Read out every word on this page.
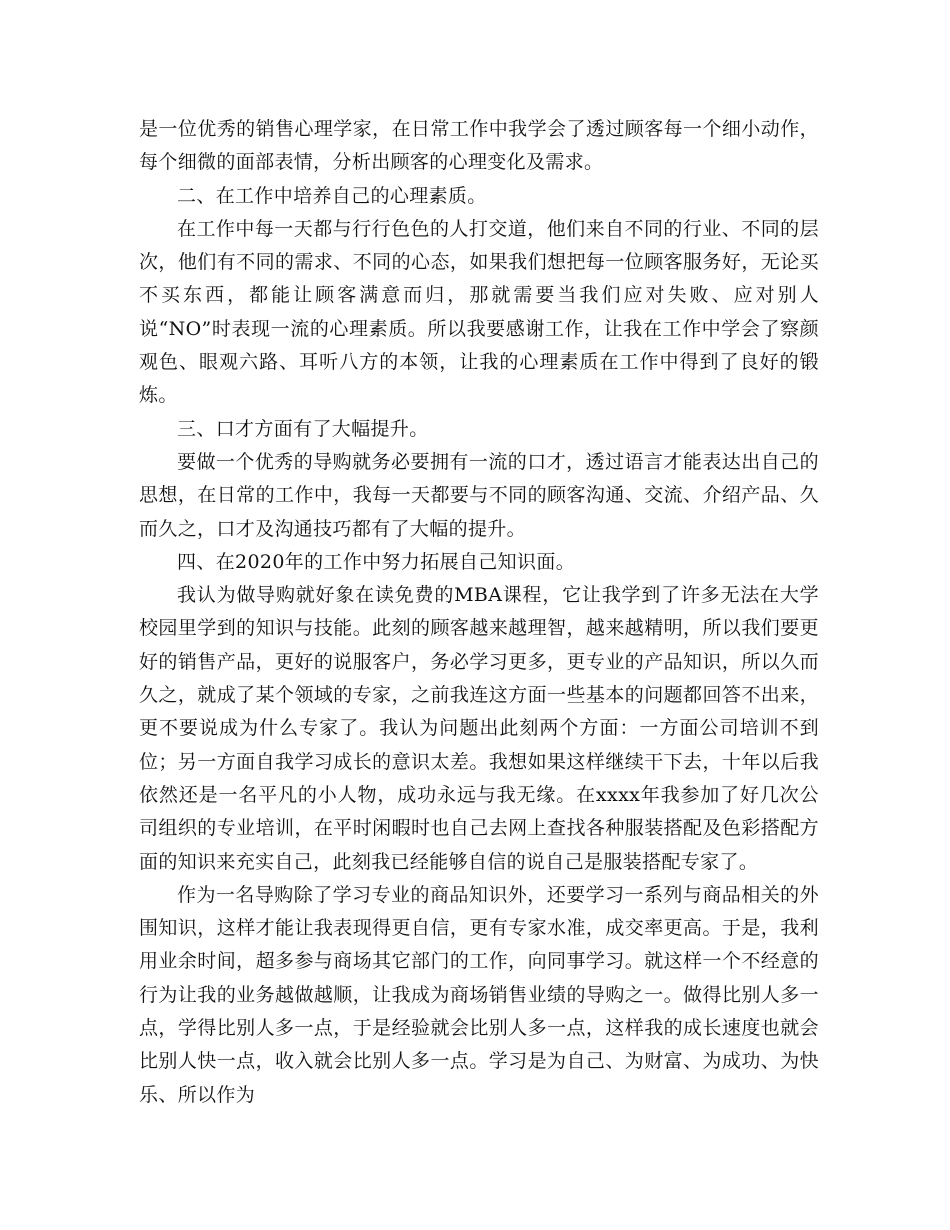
是一位优秀的销售心理学家，在日常工作中我学会了透过顾客每一个细小动作，每个细微的面部表情，分析出顾客的心理变化及需求。

二、在工作中培养自己的心理素质。

在工作中每一天都与行行色色的人打交道，他们来自不同的行业、不同的层次，他们有不同的需求、不同的心态，如果我们想把每一位顾客服务好，无论买不买东西，都能让顾客满意而归，那就需要当我们应对失败、应对别人说“NO”时表现一流的心理素质。所以我要感谢工作，让我在工作中学会了察颜观色、眼观六路、耳听八方的本领，让我的心理素质在工作中得到了良好的锻炼。

三、口才方面有了大幅提升。

要做一个优秀的导购就务必要拥有一流的口才，透过语言才能表达出自己的思想，在日常的工作中，我每一天都要与不同的顾客沟通、交流、介绍产品、久而久之，口才及沟通技巧都有了大幅的提升。

四、在2020年的工作中努力拓展自己知识面。

我认为做导购就好象在读免费的MBA课程，它让我学到了许多无法在大学校园里学到的知识与技能。此刻的顾客越来越理智，越来越精明，所以我们要更好的销售产品，更好的说服客户，务必学习更多，更专业的产品知识，所以久而久之，就成了某个领域的专家，之前我连这方面一些基本的问题都回答不出来，更不要说成为什么专家了。我认为问题出此刻两个方面：一方面公司培训不到位；另一方面自我学习成长的意识太差。我想如果这样继续干下去，十年以后我依然还是一名平凡的小人物，成功永远与我无缘。在xxxx年我参加了好几次公司组织的专业培训，在平时闲暇时也自己去网上查找各种服装搭配及色彩搭配方面的知识来充实自己，此刻我已经能够自信的说自己是服装搭配专家了。

作为一名导购除了学习专业的商品知识外，还要学习一系列与商品相关的外围知识，这样才能让我表现得更自信，更有专家水准，成交率更高。于是，我利用业余时间，超多参与商场其它部门的工作，向同事学习。就这样一个不经意的行为让我的业务越做越顺，让我成为商场销售业绩的导购之一。做得比别人多一点，学得比别人多一点，于是经验就会比别人多一点，这样我的成长速度也就会比别人快一点，收入就会比别人多一点。学习是为自己、为财富、为成功、为快乐、所以作为
